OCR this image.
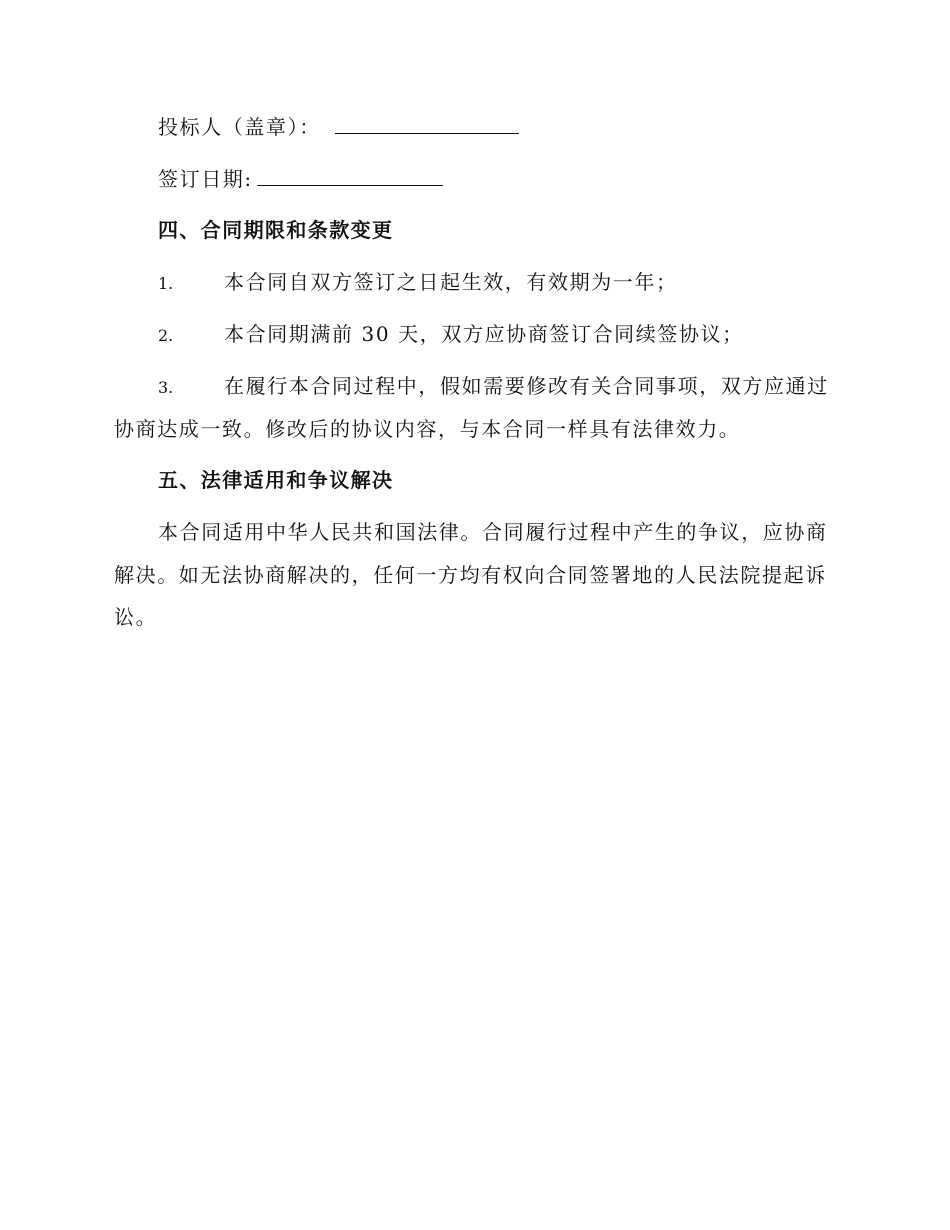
投标人（盖章）：
签订日期:
四、合同期限和条款变更
1.	本合同自双方签订之日起生效，有效期为一年；
2.	本合同期满前 30 天，双方应协商签订合同续签协议；
3.	在履行本合同过程中，假如需要修改有关合同事项，双方应通过
协商达成一致。修改后的协议内容，与本合同一样具有法律效力。
五、法律适用和争议解决
本合同适用中华人民共和国法律。合同履行过程中产生的争议，应协商
解决。如无法协商解决的，任何一方均有权向合同签署地的人民法院提起诉
讼。
